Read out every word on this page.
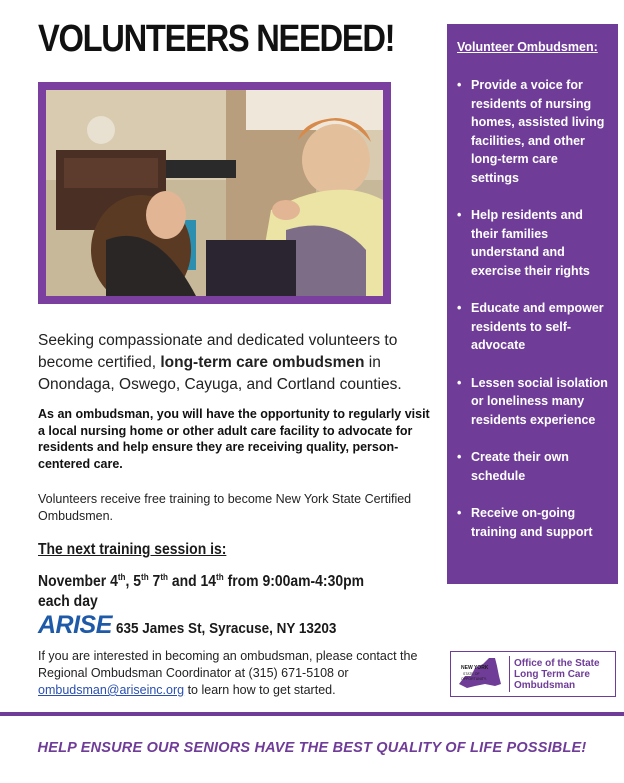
VOLUNTEERS NEEDED!
Seeking compassionate and dedicated volunteers to become certified, long-term care ombudsmen in Onondaga, Oswego, Cayuga, and Cortland counties.
As an ombudsman, you will have the opportunity to regularly visit a local nursing home or other adult care facility to advocate for residents and help ensure they are receiving quality, person-centered care.
Volunteers receive free training to become New York State Certified Ombudsmen.
The next training session is:
November 4th, 5th 7th and 14th from 9:00am-4:30pm each day
ARISE 635 James St, Syracuse, NY 13203
If you are interested in becoming an ombudsman, please contact the Regional Ombudsman Coordinator at (315) 671-5108 or ombudsman@ariseinc.org to learn how to get started.
Volunteer Ombudsmen:
• Provide a voice for residents of nursing homes, assisted living facilities, and other long-term care settings
• Help residents and their families understand and exercise their rights
• Educate and empower residents to self-advocate
• Lessen social isolation or loneliness many residents experience
• Create their own schedule
• Receive on-going training and support
NEW YORK
STATE OF
OPPORTUNITY.
Office of the State
Long Term Care
Ombudsman
HELP ENSURE OUR SENIORS HAVE THE BEST QUALITY OF LIFE POSSIBLE!
